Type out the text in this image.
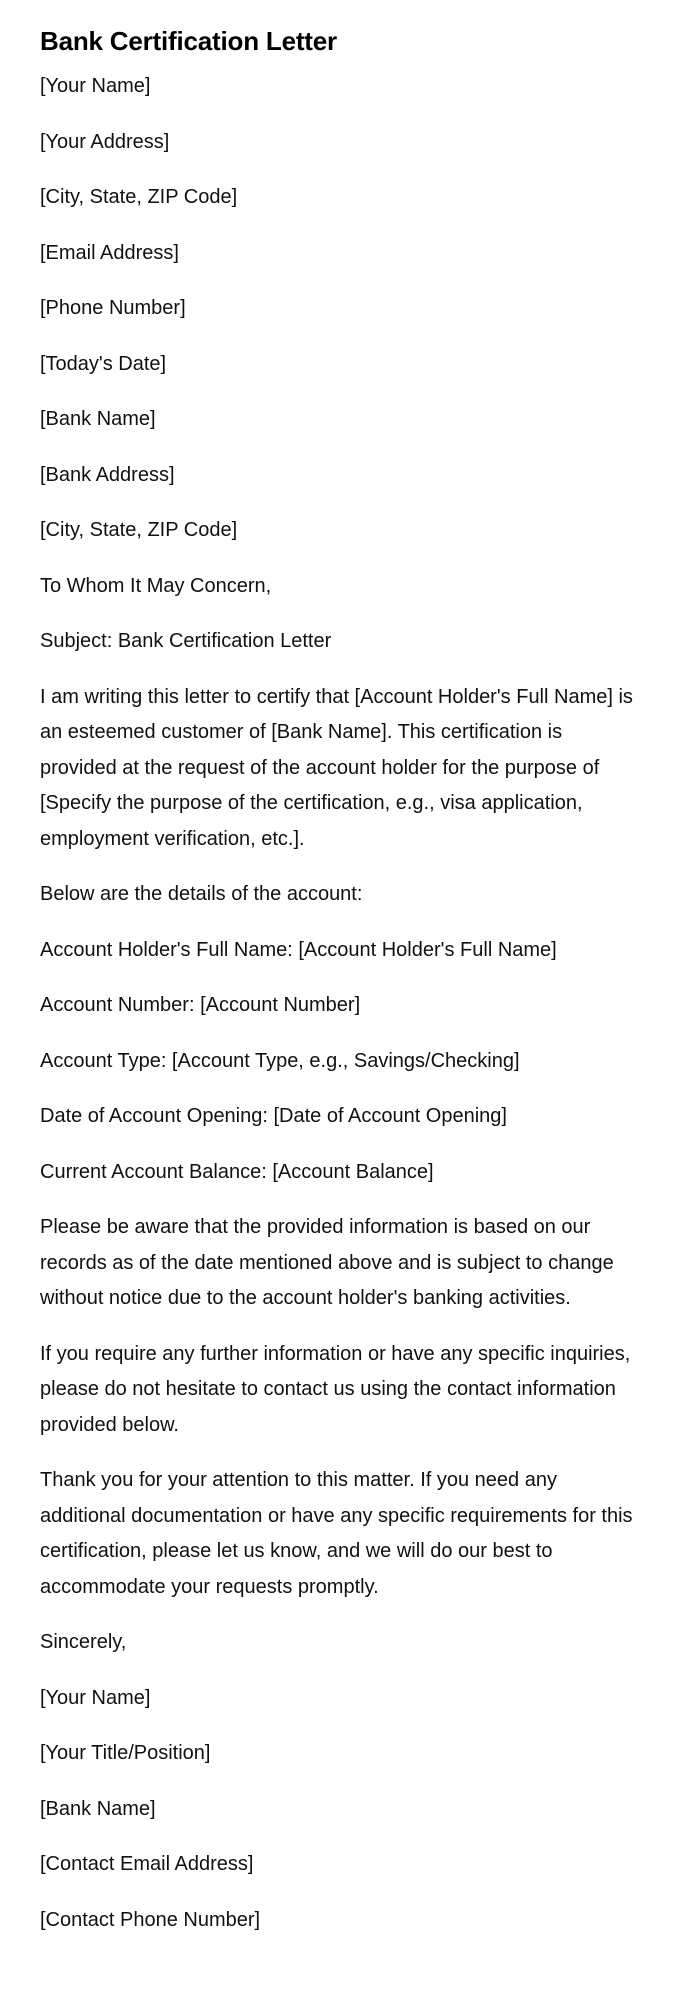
Bank Certification Letter

[Your Name]

[Your Address]

[City, State, ZIP Code]

[Email Address]

[Phone Number]

[Today's Date]

[Bank Name]

[Bank Address]

[City, State, ZIP Code]

To Whom It May Concern,

Subject: Bank Certification Letter

I am writing this letter to certify that [Account Holder's Full Name] is an esteemed customer of [Bank Name]. This certification is provided at the request of the account holder for the purpose of [Specify the purpose of the certification, e.g., visa application, employment verification, etc.].

Below are the details of the account:

Account Holder's Full Name: [Account Holder's Full Name]

Account Number: [Account Number]

Account Type: [Account Type, e.g., Savings/Checking]

Date of Account Opening: [Date of Account Opening]

Current Account Balance: [Account Balance]

Please be aware that the provided information is based on our records as of the date mentioned above and is subject to change without notice due to the account holder's banking activities.

If you require any further information or have any specific inquiries, please do not hesitate to contact us using the contact information provided below.

Thank you for your attention to this matter. If you need any additional documentation or have any specific requirements for this certification, please let us know, and we will do our best to accommodate your requests promptly.

Sincerely,

[Your Name]

[Your Title/Position]

[Bank Name]

[Contact Email Address]

[Contact Phone Number]
